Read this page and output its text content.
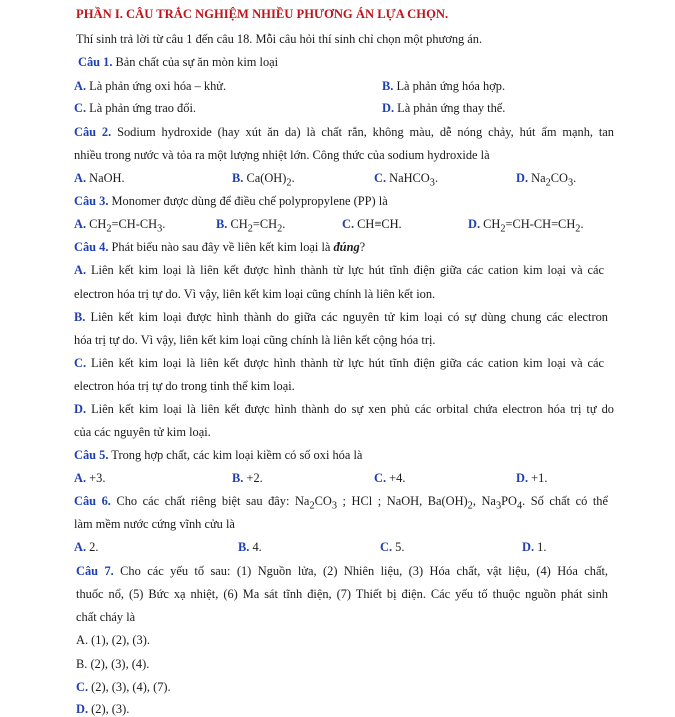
PHẦN I. CÂU TRẮC NGHIỆM NHIỀU PHƯƠNG ÁN LỰA CHỌN.
Thí sinh trả lời từ câu 1 đến câu 18. Mỗi câu hỏi thí sinh chỉ chọn một phương án.
Câu 1. Bản chất của sự ăn mòn kim loại
A. Là phản ứng oxi hóa – khử.	B. Là phản ứng hóa hợp.
C. Là phản ứng trao đổi.	D. Là phản ứng thay thế.
Câu 2. Sodium hydroxide (hay xút ăn da) là chất rắn, không màu, dễ nóng chảy, hút ẩm mạnh, tan
nhiều trong nước và tỏa ra một lượng nhiệt lớn. Công thức của sodium hydroxide là
A. NaOH.	B. $Ca(OH)_2$.	C. NaHCO$_3$.	D. $Na_2CO_3$.
Câu 3. Monomer được dùng để điều chế polypropylene (PP) là
A. $CH_2=CH-CH_3$.	B. $CH_2=CH_2$.	C. CH≡CH.	D. $CH_2=CH-CH=CH_2$.
Câu 4. Phát biểu nào sau đây về liên kết kim loại là đúng?
A. Liên kết kim loại là liên kết được hình thành từ lực hút tĩnh điện giữa các cation kim loại và các
electron hóa trị tự do. Vì vậy, liên kết kim loại cũng chính là liên kết ion.
B. Liên kết kim loại được hình thành do giữa các nguyên tử kim loại có sự dùng chung các electron
hóa trị tự do. Vì vậy, liên kết kim loại cũng chính là liên kết cộng hóa trị.
C. Liên kết kim loại là liên kết được hình thành từ lực hút tĩnh điện giữa các cation kim loại và các
electron hóa trị tự do trong tinh thể kim loại.
D. Liên kết kim loại là liên kết được hình thành do sự xen phủ các orbital chứa electron hóa trị tự do
của các nguyên tử kim loại.
Câu 5. Trong hợp chất, các kim loại kiềm có số oxi hóa là
A. +3.	B. +2.	C. +4.	D. +1.
Câu 6. Cho các chất riêng biệt sau đây: $Na_2CO_3$ ; HCl ; NaOH, $Ba(OH)_2$, $Na_3PO_4$. Số chất có thể
làm mềm nước cứng vĩnh cửu là
A. 2.	B. 4.	C. 5.	D. 1.
Câu 7. Cho các yếu tố sau: (1) Nguồn lửa, (2) Nhiên liệu, (3) Hóa chất, vật liệu, (4) Hóa chất,
thuốc nổ, (5) Bức xạ nhiệt, (6) Ma sát tĩnh điện, (7) Thiết bị điện. Các yếu tố thuộc nguồn phát sinh
chất cháy là
A. (1), (2), (3).
B. (2), (3), (4).
C. (2), (3), (4), (7).
D. (2), (3).
